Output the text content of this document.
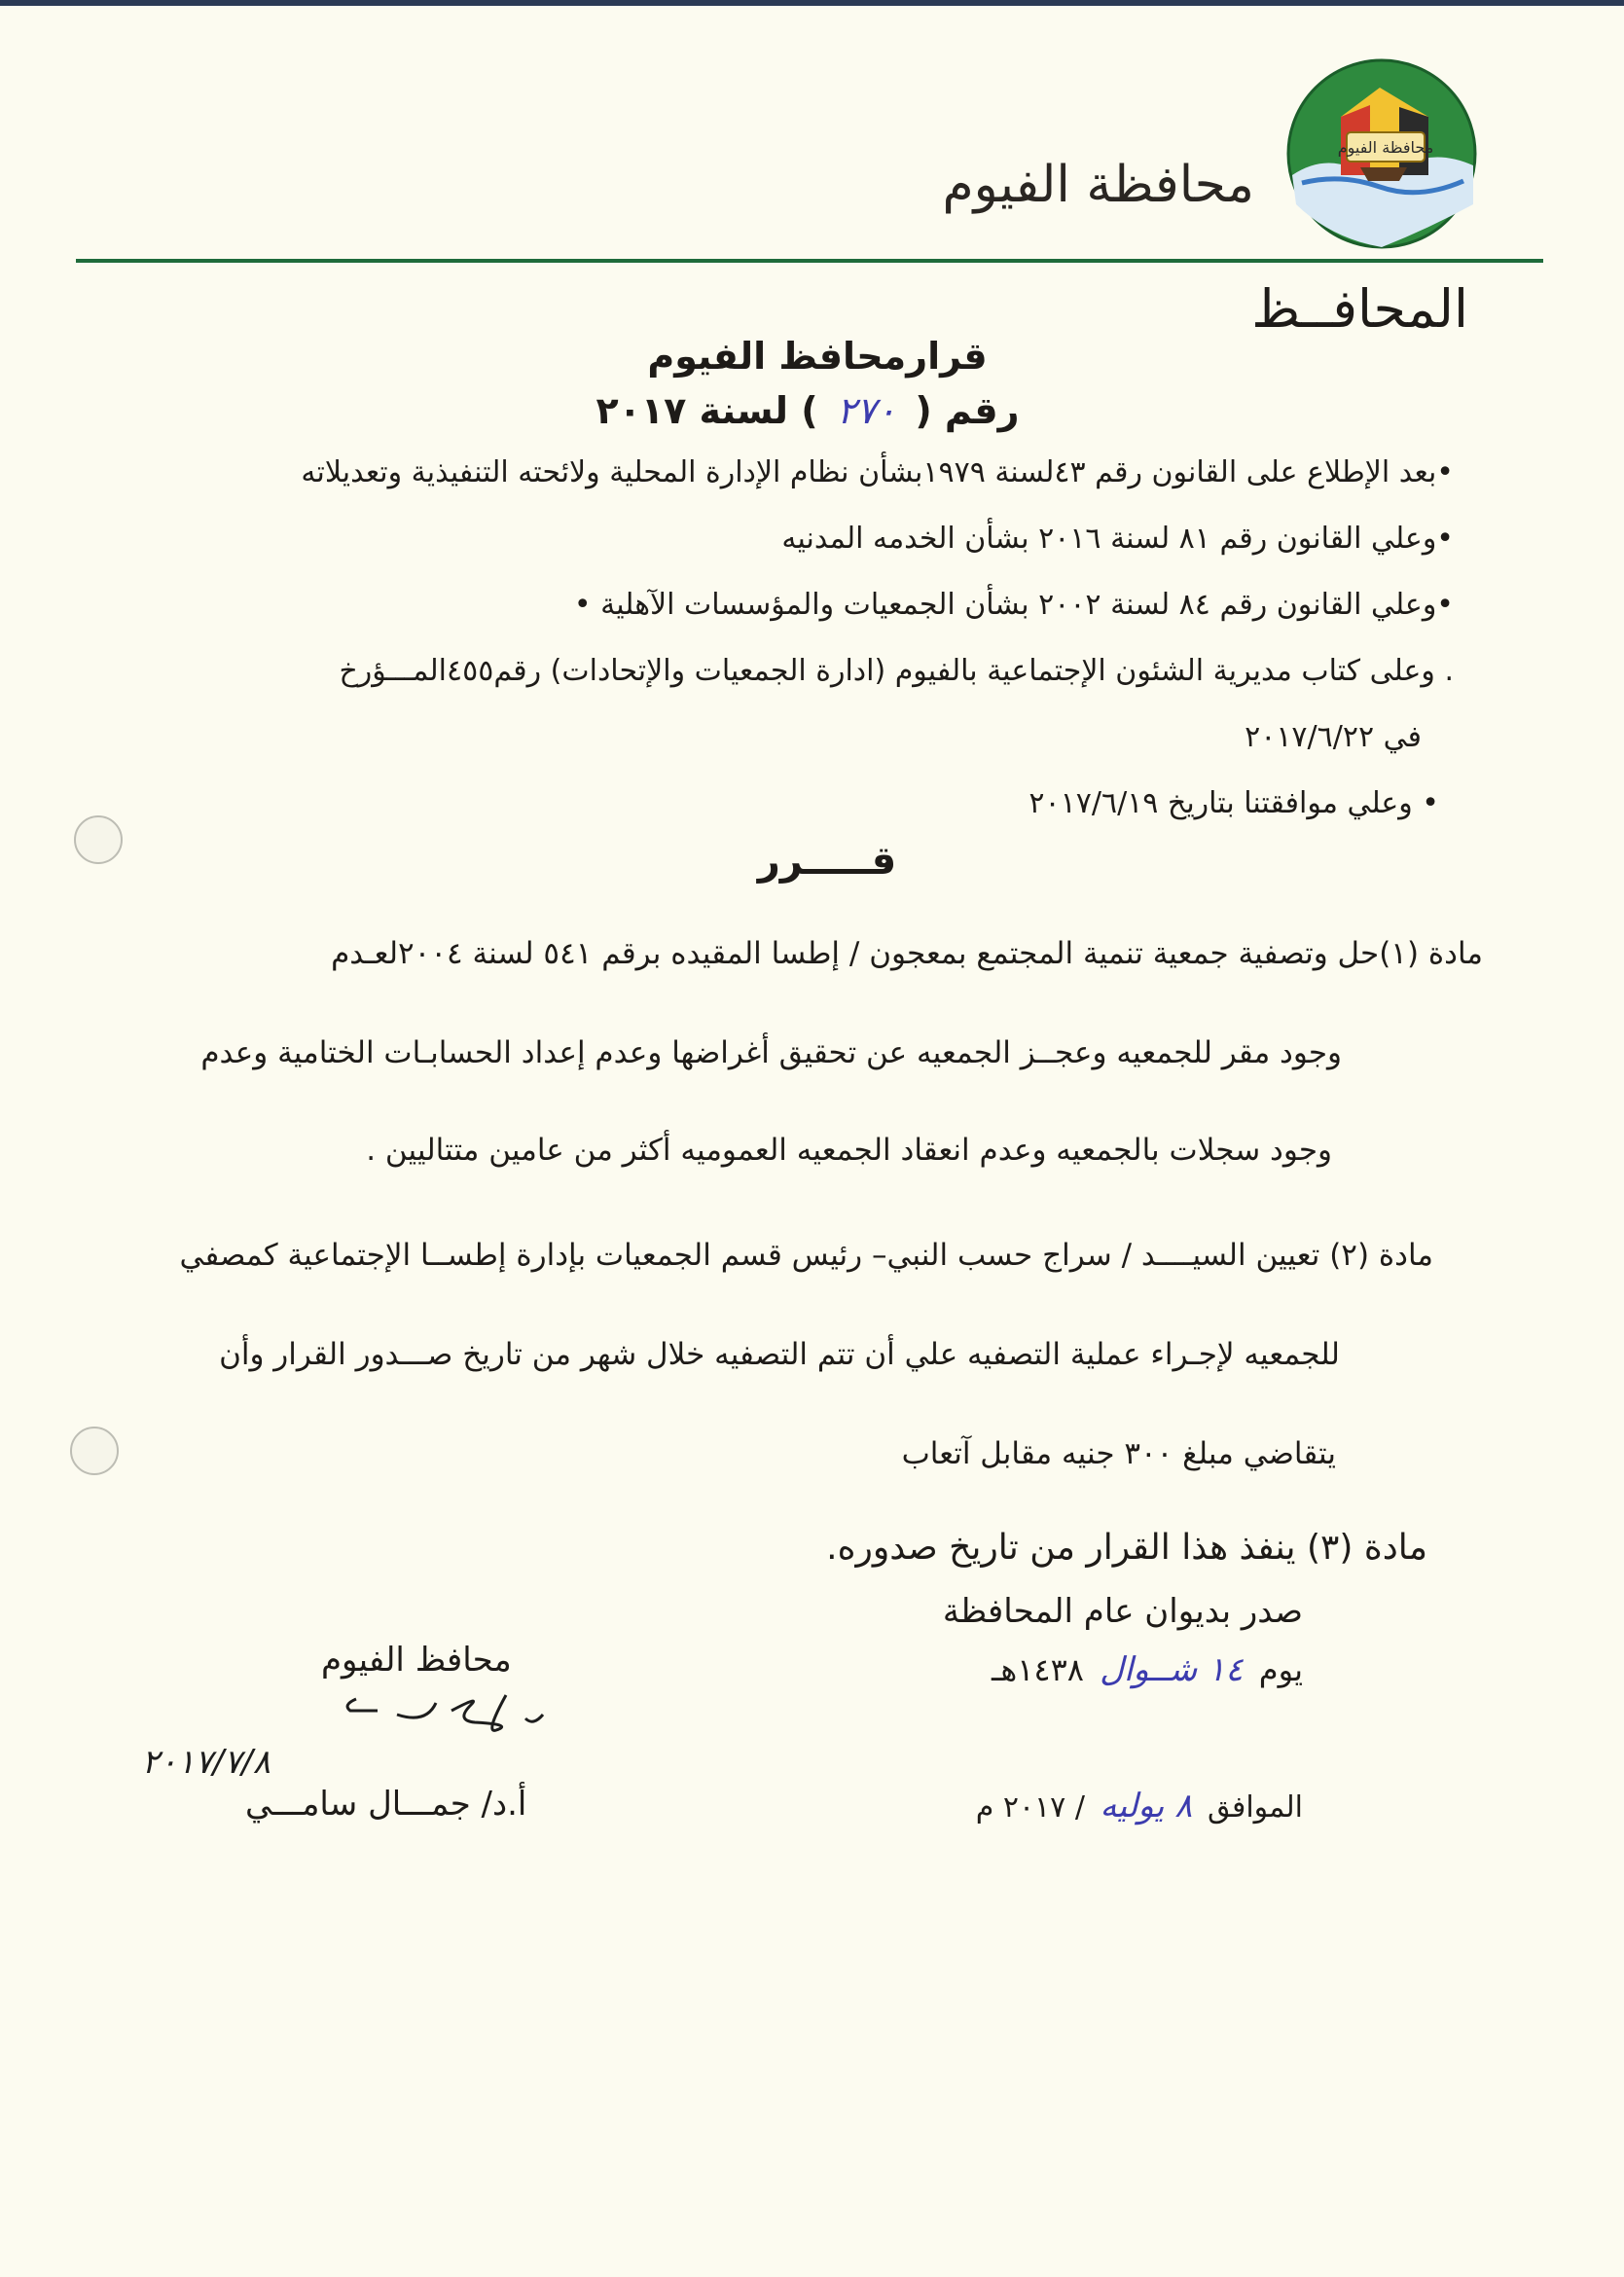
محافظة الفيوم
محافظة الفيوم
المحافــظ
قرارمحافظ الفيوم
رقم ( ٢٧٠ ) لسنة ٢٠١٧
•بعد الإطلاع على القانون رقم ٤٣لسنة ١٩٧٩بشأن نظام الإدارة المحلية ولائحته التنفيذية وتعديلاته
•وعلي القانون رقم ٨١ لسنة ٢٠١٦ بشأن الخدمه المدنيه
•وعلي القانون رقم ٨٤ لسنة ٢٠٠٢ بشأن الجمعيات والمؤسسات الآهلية •
. وعلى كتاب مديرية الشئون الإجتماعية بالفيوم (ادارة الجمعيات والإتحادات) رقم٤٥٥المـــؤرخ
في ٢٠١٧/٦/٢٢
• وعلي موافقتنا بتاريخ ٢٠١٧/٦/١٩
قـــــرر
مادة (١)حل وتصفية جمعية تنمية المجتمع بمعجون / إطسا المقيده برقم ٥٤١ لسنة ٢٠٠٤لعـدم
وجود مقر للجمعيه وعجــز الجمعيه عن تحقيق أغراضها وعدم إعداد الحسابـات الختامية وعدم
وجود سجلات بالجمعيه وعدم انعقاد الجمعيه العموميه أكثر من عامين متتاليين .
مادة (٢) تعيين السيــــد / سراج حسب النبي– رئيس قسم الجمعيات بإدارة إطســا الإجتماعية كمصفي
للجمعيه لإجـراء عملية التصفيه علي أن تتم التصفيه خلال شهر من تاريخ صـــدور القرار وأن
يتقاضي مبلغ ٣٠٠ جنيه مقابل آتعاب
مادة (٣) ينفذ هذا القرار من تاريخ صدوره.
صدر بديوان عام المحافظة
يوم ١٤ شــوال ١٤٣٨هـ
الموافق ٨ يوليه / ٢٠١٧ م
محافظ الفيوم
٢٠١٧/٧/٨
أ.د/ جمـــال سامـــي
